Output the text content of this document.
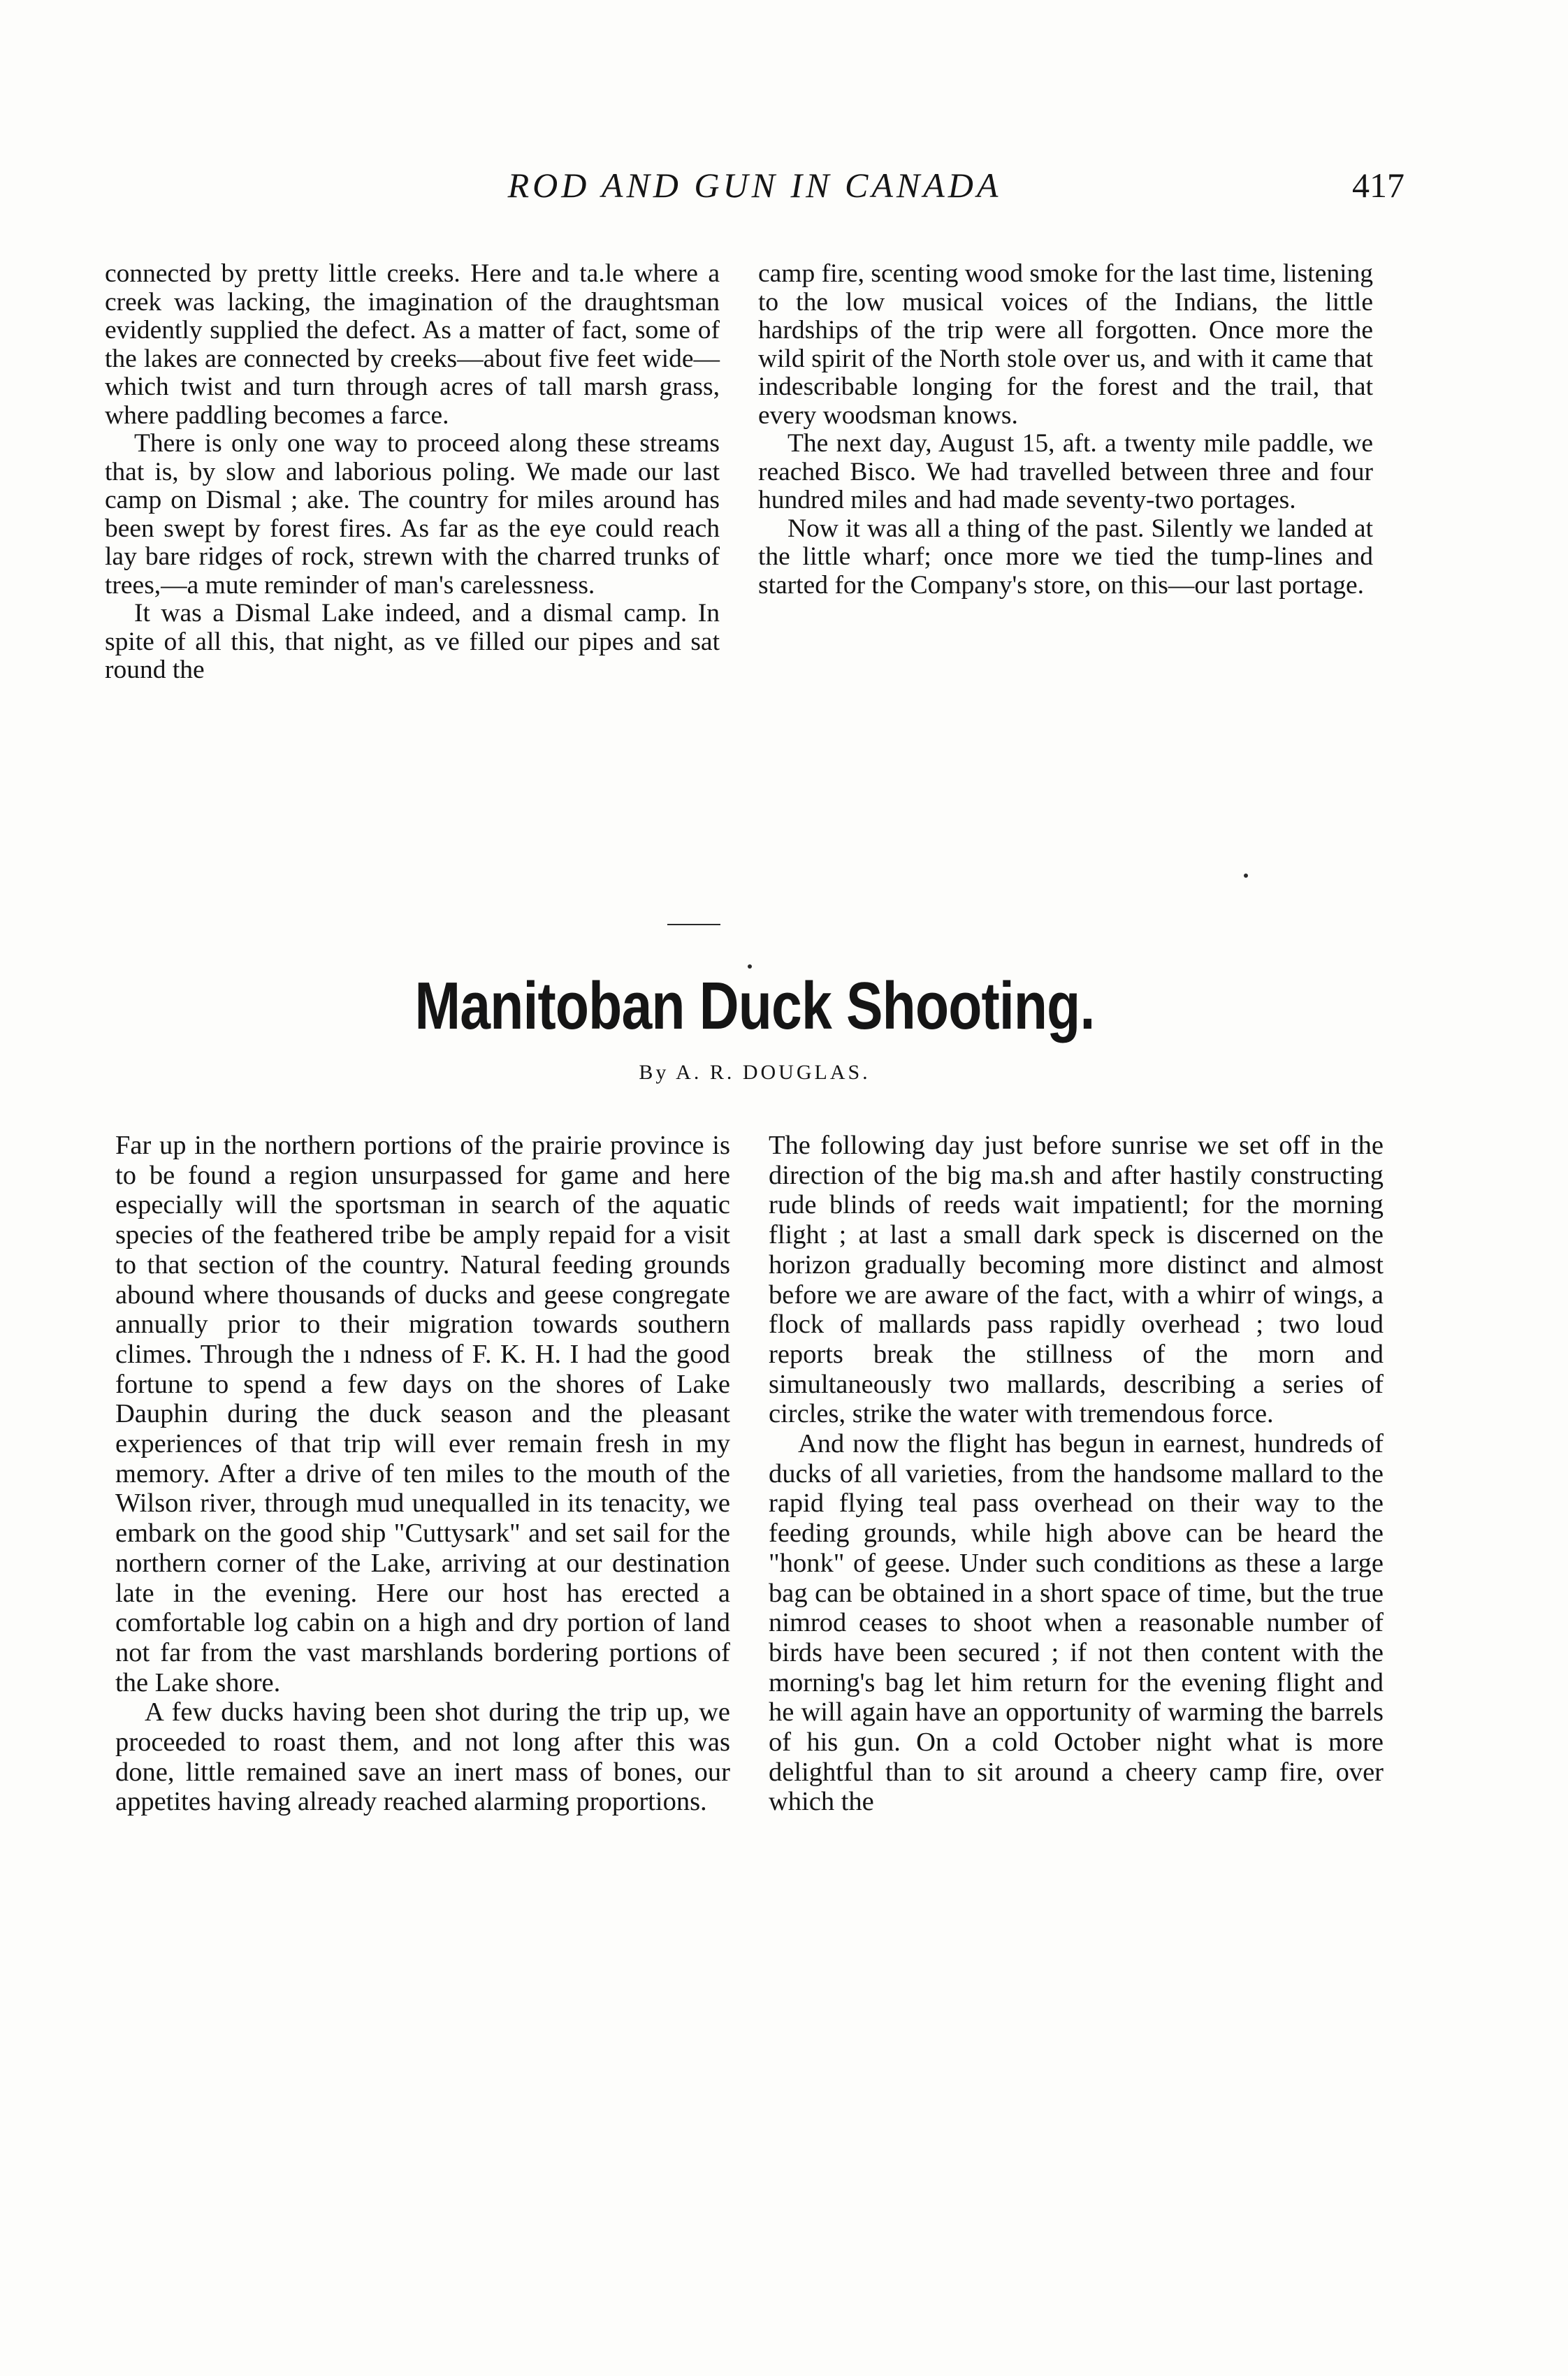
ROD AND GUN IN CANADA	417

connected by pretty little creeks. Here and ta.le where a creek was lacking, the imagination of the draughtsman evidently supplied the defect. As a matter of fact, some of the lakes are connected by creeks—about five feet wide—which twist and turn through acres of tall marsh grass, where paddling becomes a farce.

There is only one way to proceed along these streams that is, by slow and laborious poling. We made our last camp on Dismal ; ake. The country for miles around has been swept by forest fires. As far as the eye could reach lay bare ridges of rock, strewn with the charred trunks of trees,—a mute reminder of man's carelessness.

It was a Dismal Lake indeed, and a dismal camp. In spite of all this, that night, as ve filled our pipes and sat round the

camp fire, scenting wood smoke for the last time, listening to the low musical voices of the Indians, the little hardships of the trip were all forgotten. Once more the wild spirit of the North stole over us, and with it came that indescribable longing for the forest and the trail, that every woodsman knows.

The next day, August 15, aft. a twenty mile paddle, we reached Bisco. We had travelled between three and four hundred miles and had made seventy-two portages.

Now it was all a thing of the past. Silently we landed at the little wharf; once more we tied the tump-lines and started for the Company's store, on this—our last portage.

Manitoban Duck Shooting.
By A. R. DOUGLAS.

Far up in the northern portions of the prairie province is to be found a region unsurpassed for game and here especially will the sportsman in search of the aquatic species of the feathered tribe be amply repaid for a visit to that section of the country. Natural feeding grounds abound where thousands of ducks and geese congregate annually prior to their migration towards southern climes. Through the ı ndness of F. K. H. I had the good fortune to spend a few days on the shores of Lake Dauphin during the duck season and the pleasant experiences of that trip will ever remain fresh in my memory. After a drive of ten miles to the mouth of the Wilson river, through mud unequalled in its tenacity, we embark on the good ship "Cuttysark" and set sail for the northern corner of the Lake, arriving at our destination late in the evening. Here our host has erected a comfortable log cabin on a high and dry portion of land not far from the vast marshlands bordering portions of the Lake shore.

A few ducks having been shot during the trip up, we proceeded to roast them, and not long after this was done, little remained save an inert mass of bones, our appetites having already reached alarming proportions.

The following day just before sunrise we set off in the direction of the big ma.sh and after hastily constructing rude blinds of reeds wait impatientl; for the morning flight ; at last a small dark speck is discerned on the horizon gradually becoming more distinct and almost before we are aware of the fact, with a whirr of wings, a flock of mallards pass rapidly overhead ; two loud reports break the stillness of the morn and simultaneously two mallards, describing a series of circles, strike the water with tremendous force.

And now the flight has begun in earnest, hundreds of ducks of all varieties, from the handsome mallard to the rapid flying teal pass overhead on their way to the feeding grounds, while high above can be heard the "honk" of geese. Under such conditions as these a large bag can be obtained in a short space of time, but the true nimrod ceases to shoot when a reasonable number of birds have been secured ; if not then content with the morning's bag let him return for the evening flight and he will again have an opportunity of warming the barrels of his gun. On a cold October night what is more delightful than to sit around a cheery camp fire, over which the
